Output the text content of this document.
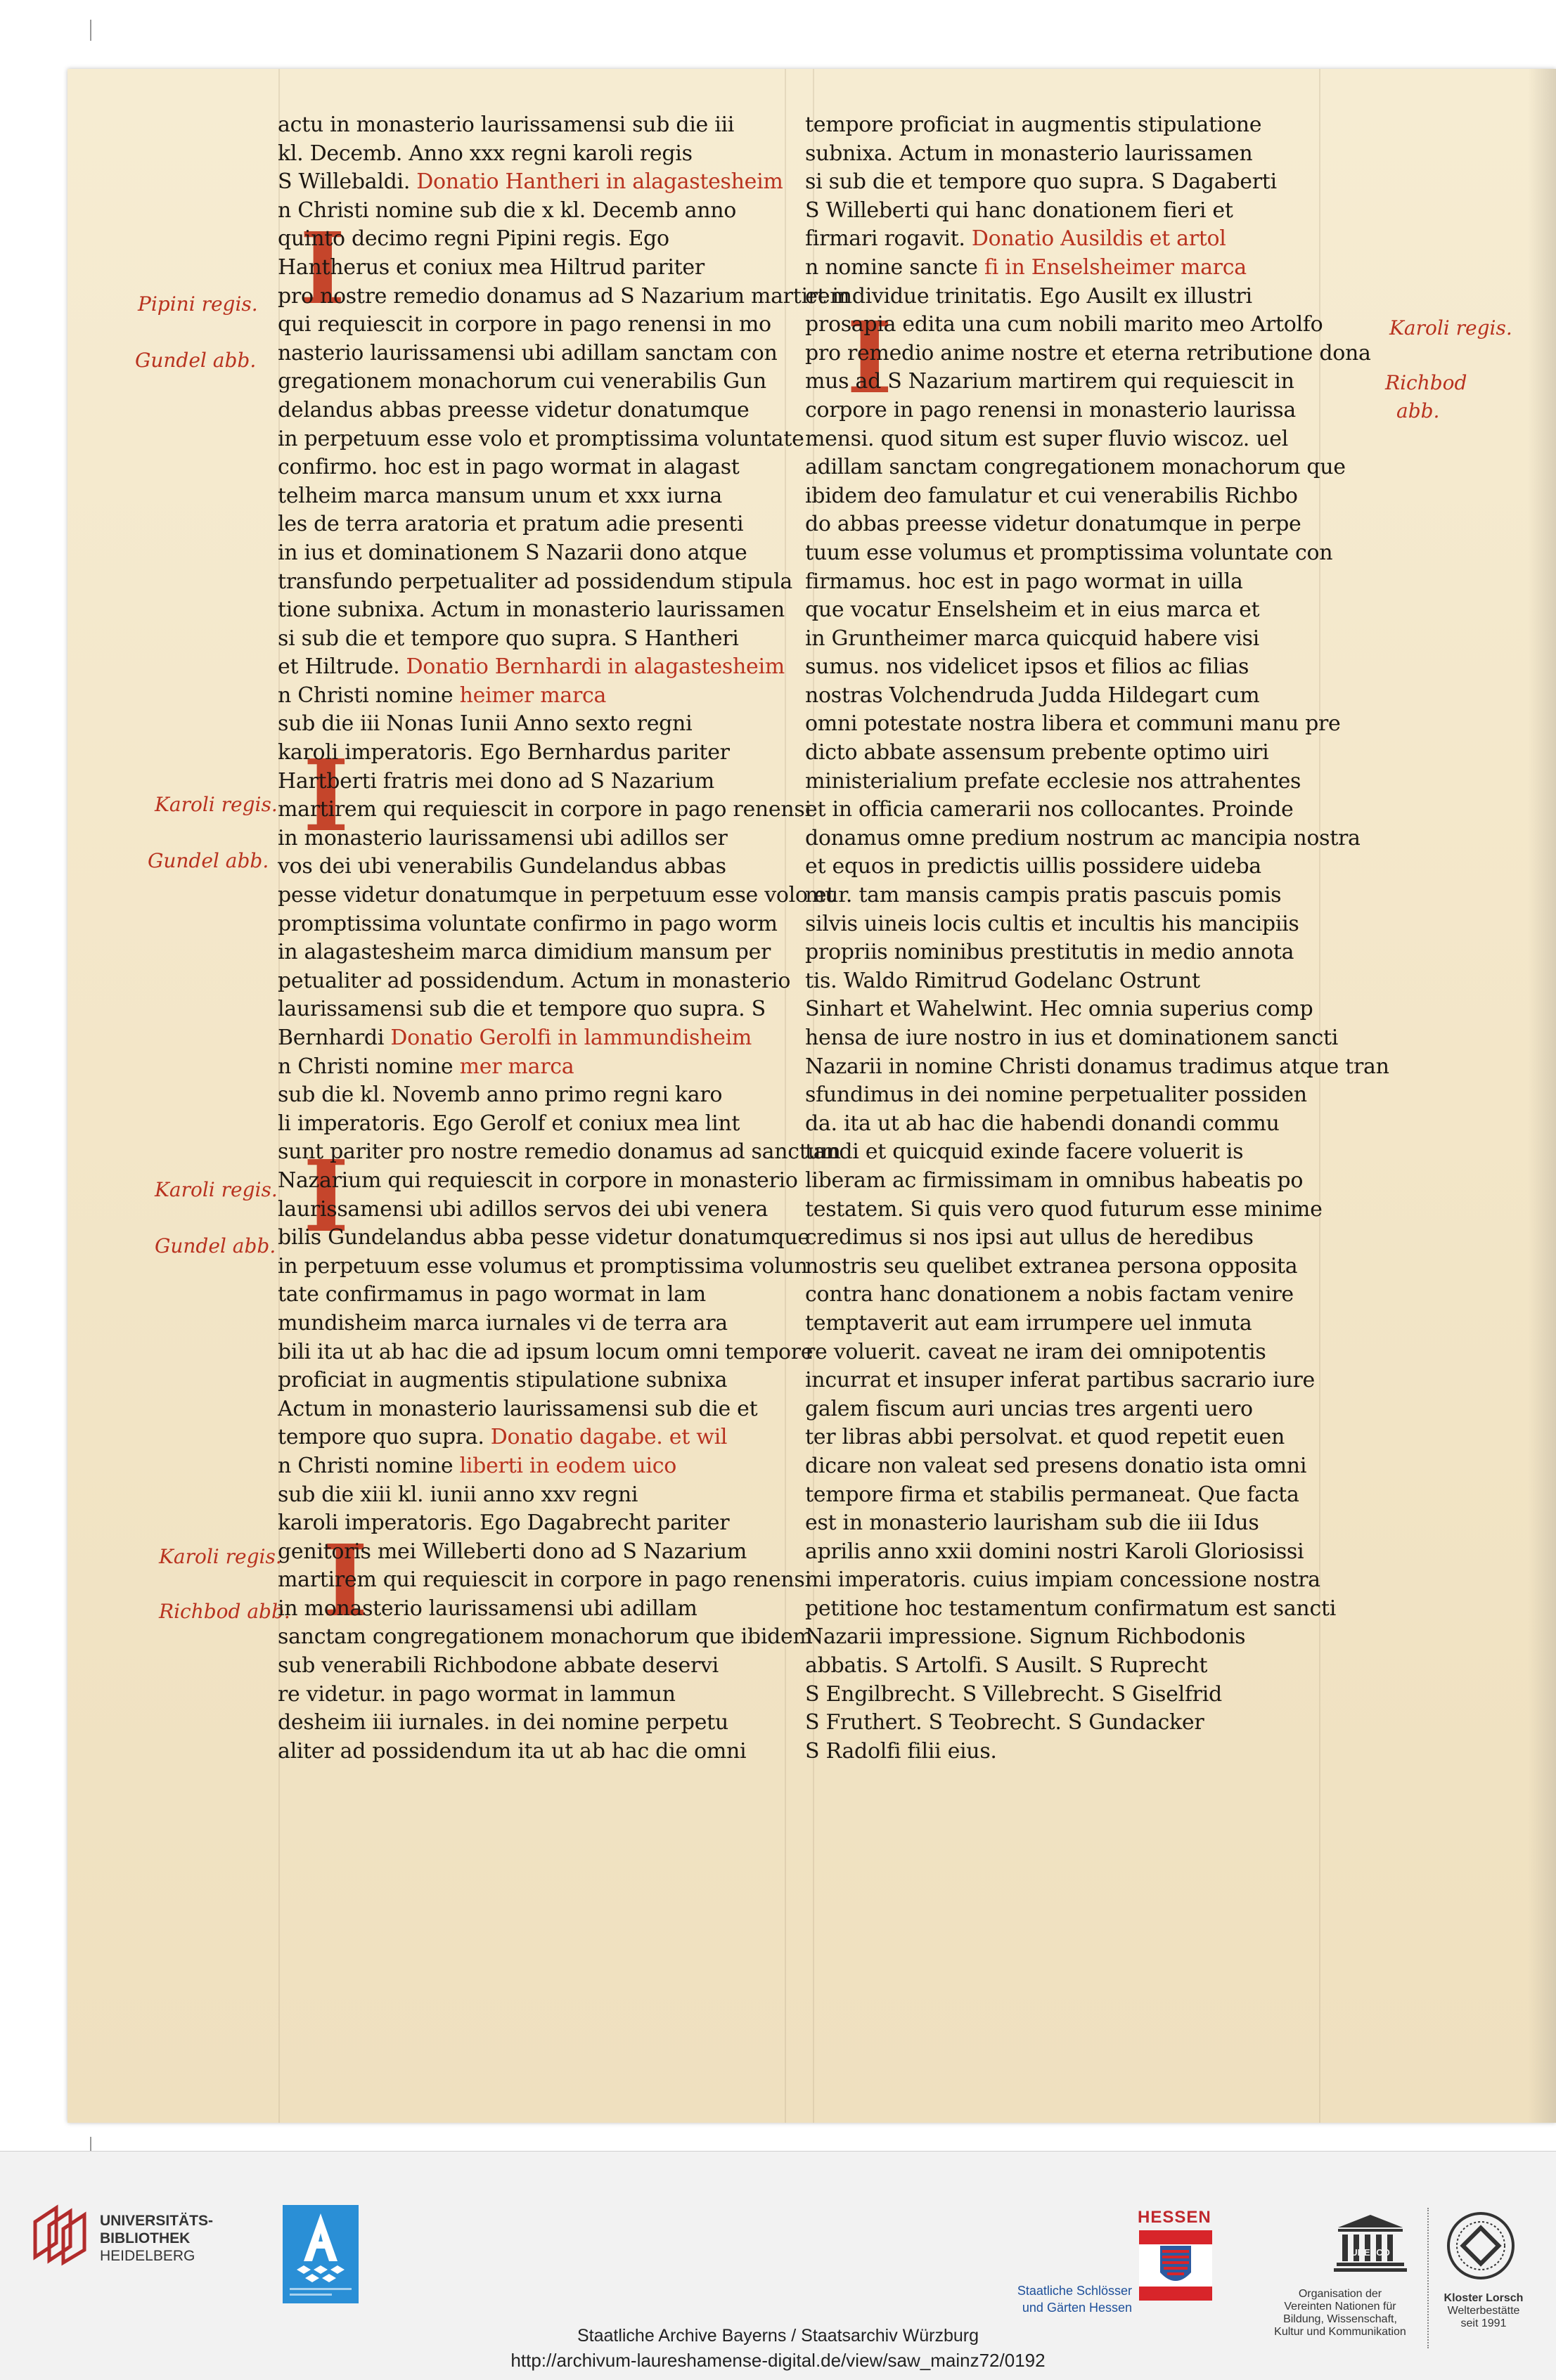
I
I
I
I
I
Pipini regis.
Gundel abb.
Karoli regis.
Gundel abb.
Karoli regis.
Gundel abb.
Karoli regis.
Richbod abb.
Karoli regis.
Richbod
abb.
actu in monasterio laurissamensi sub die iii
kl. Decemb. Anno xxx regni karoli regis
S Willebaldi. Donatio Hantheri in alagastesheim
n Christi nomine sub die x kl. Decemb anno
quinto decimo regni Pipini regis. Ego
Hantherus et coniux mea Hiltrud pariter
pro nostre remedio donamus ad S Nazarium martirem
qui requiescit in corpore in pago renensi in mo
nasterio laurissamensi ubi adillam sanctam con
gregationem monachorum cui venerabilis Gun
delandus abbas preesse videtur donatumque
in perpetuum esse volo et promptissima voluntate
confirmo. hoc est in pago wormat in alagast
telheim marca mansum unum et xxx iurna
les de terra aratoria et pratum adie presenti
in ius et dominationem S Nazarii dono atque
transfundo perpetualiter ad possidendum stipula
tione subnixa. Actum in monasterio laurissamen
si sub die et tempore quo supra. S Hantheri
et Hiltrude. Donatio Bernhardi in alagastesheim
n Christi nomine heimer marca
sub die iii Nonas Iunii Anno sexto regni
karoli imperatoris. Ego Bernhardus pariter
Hartberti fratris mei dono ad S Nazarium
martirem qui requiescit in corpore in pago renensi
in monasterio laurissamensi ubi adillos ser
vos dei ubi venerabilis Gundelandus abbas
pesse videtur donatumque in perpetuum esse volo et
promptissima voluntate confirmo in pago worm
in alagastesheim marca dimidium mansum per
petualiter ad possidendum. Actum in monasterio
laurissamensi sub die et tempore quo supra. S
Bernhardi Donatio Gerolfi in lammundisheim
n Christi nomine mer marca
sub die kl. Novemb anno primo regni karo
li imperatoris. Ego Gerolf et coniux mea lint
sunt pariter pro nostre remedio donamus ad sanctum
Nazarium qui requiescit in corpore in monasterio
laurissamensi ubi adillos servos dei ubi venera
bilis Gundelandus abba pesse videtur donatumque
in perpetuum esse volumus et promptissima volun
tate confirmamus in pago wormat in lam
mundisheim marca iurnales vi de terra ara
bili ita ut ab hac die ad ipsum locum omni tempore
proficiat in augmentis stipulatione subnixa
Actum in monasterio laurissamensi sub die et
tempore quo supra. Donatio dagabe. et wil
n Christi nomine liberti in eodem uico
sub die xiii kl. iunii anno xxv regni
karoli imperatoris. Ego Dagabrecht pariter
genitoris mei Willeberti dono ad S Nazarium
martirem qui requiescit in corpore in pago renensi
in monasterio laurissamensi ubi adillam
sanctam congregationem monachorum que ibidem
sub venerabili Richbodone abbate deservi
re videtur. in pago wormat in lammun
desheim iii iurnales. in dei nomine perpetu
aliter ad possidendum ita ut ab hac die omni
tempore proficiat in augmentis stipulatione
subnixa. Actum in monasterio laurissamen
si sub die et tempore quo supra. S Dagaberti
S Willeberti qui hanc donationem fieri et
firmari rogavit. Donatio Ausildis et artol
n nomine sancte fi in Enselsheimer marca
et individue trinitatis. Ego Ausilt ex illustri
prosapia edita una cum nobili marito meo Artolfo
pro remedio anime nostre et eterna retributione dona
mus ad S Nazarium martirem qui requiescit in
corpore in pago renensi in monasterio laurissa
mensi. quod situm est super fluvio wiscoz. uel
adillam sanctam congregationem monachorum que
ibidem deo famulatur et cui venerabilis Richbo
do abbas preesse videtur donatumque in perpe
tuum esse volumus et promptissima voluntate con
firmamus. hoc est in pago wormat in uilla
que vocatur Enselsheim et in eius marca et
in Gruntheimer marca quicquid habere visi
sumus. nos videlicet ipsos et filios ac filias
nostras Volchendruda Judda Hildegart cum
omni potestate nostra libera et communi manu pre
dicto abbate assensum prebente optimo uiri
ministerialium prefate ecclesie nos attrahentes
et in officia camerarii nos collocantes. Proinde
donamus omne predium nostrum ac mancipia nostra
et equos in predictis uillis possidere uideba
mur. tam mansis campis pratis pascuis pomis
silvis uineis locis cultis et incultis his mancipiis
propriis nominibus prestitutis in medio annota
tis. Waldo Rimitrud Godelanc Ostrunt
Sinhart et Wahelwint. Hec omnia superius comp
hensa de iure nostro in ius et dominationem sancti
Nazarii in nomine Christi donamus tradimus atque tran
sfundimus in dei nomine perpetualiter possiden
da. ita ut ab hac die habendi donandi commu
tandi et quicquid exinde facere voluerit is
liberam ac firmissimam in omnibus habeatis po
testatem. Si quis vero quod futurum esse minime
credimus si nos ipsi aut ullus de heredibus
nostris seu quelibet extranea persona opposita
contra hanc donationem a nobis factam venire
temptaverit aut eam irrumpere uel inmuta
re voluerit. caveat ne iram dei omnipotentis
incurrat et insuper inferat partibus sacrario iure
galem fiscum auri uncias tres argenti uero
ter libras abbi persolvat. et quod repetit euen
dicare non valeat sed presens donatio ista omni
tempore firma et stabilis permaneat. Que facta
est in monasterio laurisham sub die iii Idus
aprilis anno xxii domini nostri Karoli Gloriosissi
mi imperatoris. cuius impiam concessione nostra
petitione hoc testamentum confirmatum est sancti
Nazarii impressione. Signum Richbodonis
abbatis. S Artolfi. S Ausilt. S Ruprecht
S Engilbrecht. S Villebrecht. S Giselfrid
S Fruthert. S Teobrecht. S Gundacker
S Radolfi filii eius.
UNIVERSITÄTS-
BIBLIOTHEK
HEIDELBERG
HESSEN
Staatliche Schlösser
und Gärten Hessen
UNESCO
Organisation der
Vereinten Nationen für
Bildung, Wissenschaft,
Kultur und Kommunikation
Kloster Lorsch
Welterbestätte
seit 1991
Staatliche Archive Bayerns / Staatsarchiv Würzburg
http://archivum-laureshamense-digital.de/view/saw_mainz72/0192
